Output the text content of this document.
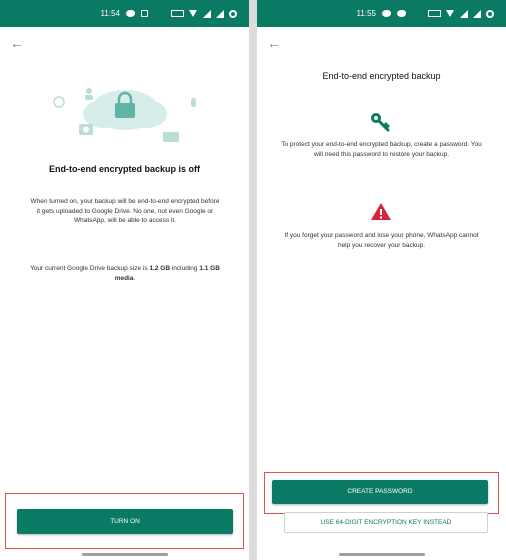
11:54

←
End-to-end encrypted backup is off
When turned on, your backup will be end-to-end encrypted before it gets uploaded to Google Drive. No one, not even Google or WhatsApp, will be able to access it.
Your current Google Drive backup size is 1.2 GB including 1.1 GB media.
TURN ON
11:55

←
End-to-end encrypted backup
To protect your end-to-end encrypted backup, create a password. You will need this password to restore your backup.
If you forget your password and lose your phone, WhatsApp cannot help you recover your backup.
CREATE PASSWORD
USE 64-DIGIT ENCRYPTION KEY INSTEAD
